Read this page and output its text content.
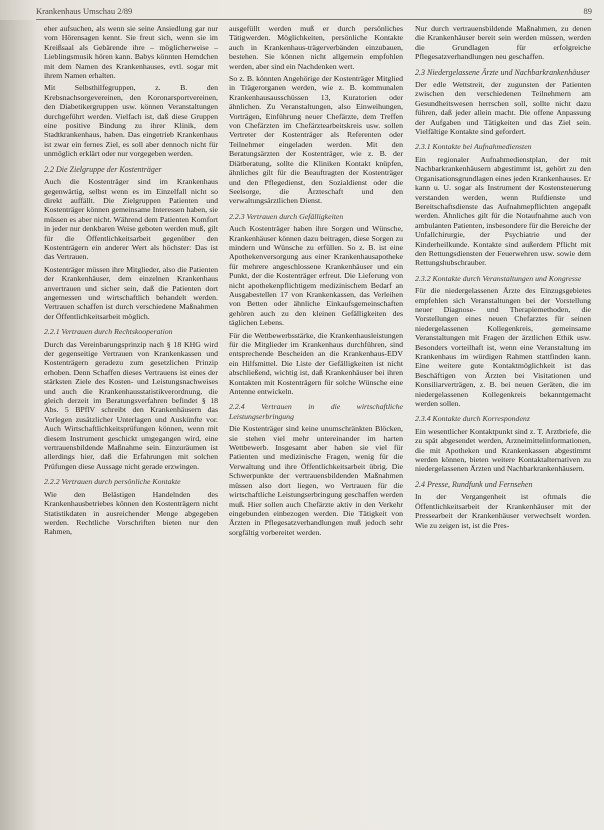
Krankenhaus Umschau 2/89	89

eher aufsuchen, als wenn sie seine Ansiedlung gar nur vom Hörensagen kennt. Sie freut sich, wenn sie im Kreißsaal als Gebärende ihre – möglicherweise – Lieblingsmusik hören kann. Babys könnten Hemdchen mit dem Namen des Krankenhauses, evtl. sogar mit ihrem Namen erhalten.

Mit Selbsthilfegruppen, z. B. den Krebsnachsorgevereinen, den Koronarsportvereinen, den Diabetikergruppen usw. können Veranstaltungen durchgeführt werden. Vielfach ist, daß diese Gruppen eine positive Bindung zu ihrer Klinik, dem Stadtkrankenhaus, haben. Das eingetrieb Krankenhaus ist zwar ein fernes Ziel, es soll aber dennoch nicht für unmöglich erklärt oder nur vorgegeben werden.

2.2 Die Zielgruppe der Kostenträger

Auch die Kostenträger sind im Krankenhaus gegenwärtig, selbst wenn es im Einzelfall nicht so direkt auffällt. Die Zielgruppen Patienten und Kostenträger können gemeinsame Interessen haben, sie müssen es aber nicht. Während dem Patienten Komfort in jeder nur denkbaren Weise geboten werden muß, gilt für die Öffentlichkeitsarbeit gegenüber den Kostenträgern ein anderer Wert als höchster: Das ist das Vertrauen.

Kostenträger müssen ihre Mitglieder, also die Patienten der Krankenhäuser, dem einzelnen Krankenhaus anvertrauen und sicher sein, daß die Patienten dort angemessen und wirtschaftlich behandelt werden. Vertrauen schaffen ist durch verschiedene Maßnahmen der Öffentlichkeitsarbeit möglich.

2.2.1 Vertrauen durch Rechtskooperation

Durch das Vereinbarungsprinzip nach § 18 KHG wird der gegenseitige Vertrauen von Krankenkassen und Kostenträgern geradezu zum gesetzlichen Prinzip erhoben. Denn Schaffen dieses Vertrauens ist eines der stärksten Ziele des Kosten- und Leistungsnachweises und auch die Krankenhausstatistikverordnung, die gleich derzeit im Beratungsverfahren befindet § 18 Abs. 5 BPflV schreibt den Krankenhäusern das Vorlegen zusätzlicher Unterlagen und Auskünfte vor. Auch Wirtschaftlichkeitsprüfungen können, wenn mit diesem Instrument geschickt umgegangen wird, eine vertrauensbildende Maßnahme sein. Einzuräumen ist allerdings hier, daß die Erfahrungen mit solchen Prüfungen diese Aussage nicht gerade erzwingen.

2.2.2 Vertrauen durch persönliche Kontakte

Wie den Belästigen Handelnden des Krankenhausbetriebes können den Kostenträgern nicht Statistikdaten in ausreichender Menge abgegeben werden. Rechtliche Vorschriften bieten nur den Rahmen,

ausgefüllt werden muß er durch persönliches Tätigwerden. Möglichkeiten, persönliche Kontakte auch in Krankenhaus-trägerverbänden einzubauen, bestehen. Sie können nicht allgemein empfohlen werden, aber sind ein Nachdenken wert.

So z. B. könnten Angehörige der Kostenträger Mitglied in Trägerorganen werden, wie z. B. kommunalen Krankenhausausschüssen 13, Kuratorien oder ähnlichen. Zu Veranstaltungen, also Einweihungen, Vorträgen, Einführung neuer Chefärzte, dem Treffen von Chefärzten im Chefärztearbeitskreis usw. sollen Vertreter der Kostenträger als Referenten oder Teilnehmer eingeladen werden. Mit den Beratungsärzten der Kostenträger, wie z. B. der Diätberatung, sollte die Kliniken Kontakt knüpfen, ähnliches gilt für die Beauftragten der Kostenträger und den Pflegedienst, den Sozialdienst oder die Seelsorge, die Ärzteschaft und den verwaltungsärztlichen Dienst.

2.2.3 Vertrauen durch Gefälligkeiten

Auch Kostenträger haben ihre Sorgen und Wünsche, Krankenhäuser können dazu beitragen, diese Sorgen zu mindern und Wünsche zu erfüllen. So z. B. ist eine Apothekenversorgung aus einer Krankenhausapotheke für mehrere angeschlossene Krankenhäuser und ein Punkt, der die Kostenträger erfreut. Die Lieferung von nicht apothekenpflichtigem medizinischem Bedarf an Ausgabestellen 17 von Krankenkassen, das Verleihen von Betten oder ähnliche Einkaufsgemeinschaften gehören auch zu den kleinen Gefälligkeiten des täglichen Lebens.

Für die Wettbewerbsstärke, die Krankenhausleistungen für die Mitglieder im Krankenhaus durchführen, sind entsprechende Bescheiden an die Krankenhaus-EDV ein Hilfsmittel. Die Liste der Gefälligkeiten ist nicht abschließend, wichtig ist, daß Krankenhäuser bei ihren Kontakten mit Kostenträgern für solche Wünsche eine Antenne entwickeln.

2.2.4 Vertrauen in die wirtschaftliche Leistungserbringung

Die Kostenträger sind keine unumschränkten Blöcken, sie stehen viel mehr untereinander im harten Wettbewerb. Insgesamt aber haben sie viel für Patienten und medizinische Fragen, wenig für die Verwaltung und ihre Öffentlichkeitsarbeit übrig. Die Schwerpunkte der vertrauensbildenden Maßnahmen müssen also dort liegen, wo Vertrauen für die wirtschaftliche Leistungserbringung geschaffen werden muß. Hier sollen auch Chefärzte aktiv in den Verkehr eingebunden einbezogen werden. Die Tätigkeit von Ärzten in Pflegesatzverhandlungen muß jedoch sehr sorgfältig vorbereitet werden.

Nur durch vertrauensbildende Maßnahmen, zu denen die Krankenhäuser bereit sein werden müssen, werden die Grundlagen für erfolgreiche Pflegesatzverhandlungen neu geschaffen.

2.3 Niedergelassene Ärzte und Nachbarkrankenhäuser

Der edle Wettstreit, der zugunsten der Patienten zwischen den verschiedenen Teilnehmern am Gesundheitswesen herrschen soll, sollte nicht dazu führen, daß jeder allein macht. Die offene Anpassung der Aufgaben und Tätigkeiten und das Ziel sein. Vielfältige Kontakte sind gefordert.

2.3.1 Kontakte bei Aufnahmediensten

Ein regionaler Aufnahmedienstplan, der mit Nachbarkrankenhäusern abgestimmt ist, gehört zu den Organisationsgrundlagen eines jeden Krankenhauses. Er kann u. U. sogar als Instrument der Kostensteuerung verstanden werden, wenn Rufdienste und Bereitschaftsdienste das Aufnahmepflichten angepaßt werden. Ähnliches gilt für die Notaufnahme auch von ambulanten Patienten, insbesondere für die Bereiche der Unfallchirurgie, der Psychiatrie und der Kinderheilkunde. Kontakte sind außerdem Pflicht mit den Rettungsdiensten der Feuerwehren usw. sowie dem Rettungshubschrauber.

2.3.2 Kontakte durch Veranstaltungen und Kongresse

Für die niedergelassenen Ärzte des Einzugsgebietes empfehlen sich Veranstaltungen bei der Vorstellung neuer Diagnose- und Therapiemethoden, die Vorstellungen eines neuen Chefarztes für seinen niedergelassenen Kollegenkreis, gemeinsame Veranstaltungen mit Fragen der ärztlichen Ethik usw. Besonders vorteilhaft ist, wenn eine Veranstaltung im Krankenhaus im würdigen Rahmen stattfinden kann. Eine weitere gute Kontaktmöglichkeit ist das Beschäftigen von Ärzten bei Visitationen und Konsiliarverträgen, z. B. bei neuen Geräten, die im niedergelassenen Kollegenkreis bekanntgemacht werden sollen.

2.3.4 Kontakte durch Korrespondenz

Ein wesentlicher Kontaktpunkt sind z. T. Arztbriefe, die zu spät abgesendet werden, Arzneimittelinformationen, die mit Apotheken und Krankenkassen abgestimmt werden können, bieten weitere Kontaktalternativen zu niedergelassenen Ärzten und Nachbarkrankenhäusern.

2.4 Presse, Rundfunk und Fernsehen

In der Vergangenheit ist oftmals die Öffentlichkeitsarbeit der Krankenhäuser mit der Pressearbeit der Krankenhäuser verwechselt worden. Wie zu zeigen ist, ist die Pres-
